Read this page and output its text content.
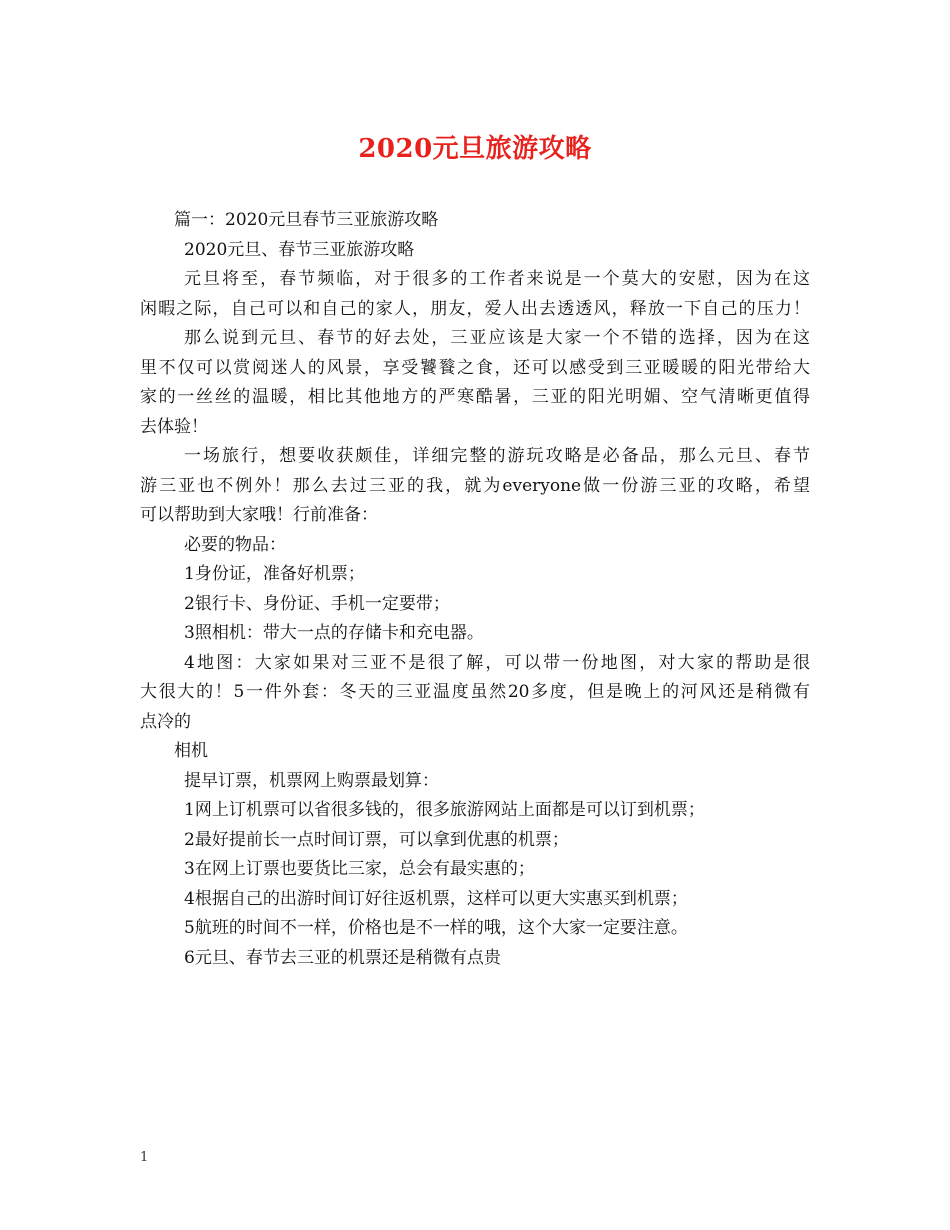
2020元旦旅游攻略

篇一：2020元旦春节三亚旅游攻略

2020元旦、春节三亚旅游攻略

元旦将至，春节频临，对于很多的工作者来说是一个莫大的安慰，因为在这

闲暇之际，自己可以和自己的家人，朋友，爱人出去透透风，释放一下自己的压力！

那么说到元旦、春节的好去处，三亚应该是大家一个不错的选择，因为在这

里不仅可以赏阅迷人的风景，享受饕餮之食，还可以感受到三亚暖暖的阳光带给大

家的一丝丝的温暖，相比其他地方的严寒酷暑，三亚的阳光明媚、空气清晰更值得

去体验！

一场旅行，想要收获颇佳，详细完整的游玩攻略是必备品，那么元旦、春节

游三亚也不例外！那么去过三亚的我，就为everyone做一份游三亚的攻略，希望

可以帮助到大家哦！行前准备：

必要的物品：

1身份证，准备好机票；

2银行卡、身份证、手机一定要带；

3照相机：带大一点的存储卡和充电器。

4地图：大家如果对三亚不是很了解，可以带一份地图，对大家的帮助是很

大很大的！5一件外套：冬天的三亚温度虽然20多度，但是晚上的河风还是稍微有

点冷的

相机

提早订票，机票网上购票最划算：

1网上订机票可以省很多钱的，很多旅游网站上面都是可以订到机票；

2最好提前长一点时间订票，可以拿到优惠的机票；

3在网上订票也要货比三家，总会有最实惠的；

4根据自己的出游时间订好往返机票，这样可以更大实惠买到机票；

5航班的时间不一样，价格也是不一样的哦，这个大家一定要注意。

6元旦、春节去三亚的机票还是稍微有点贵

1
